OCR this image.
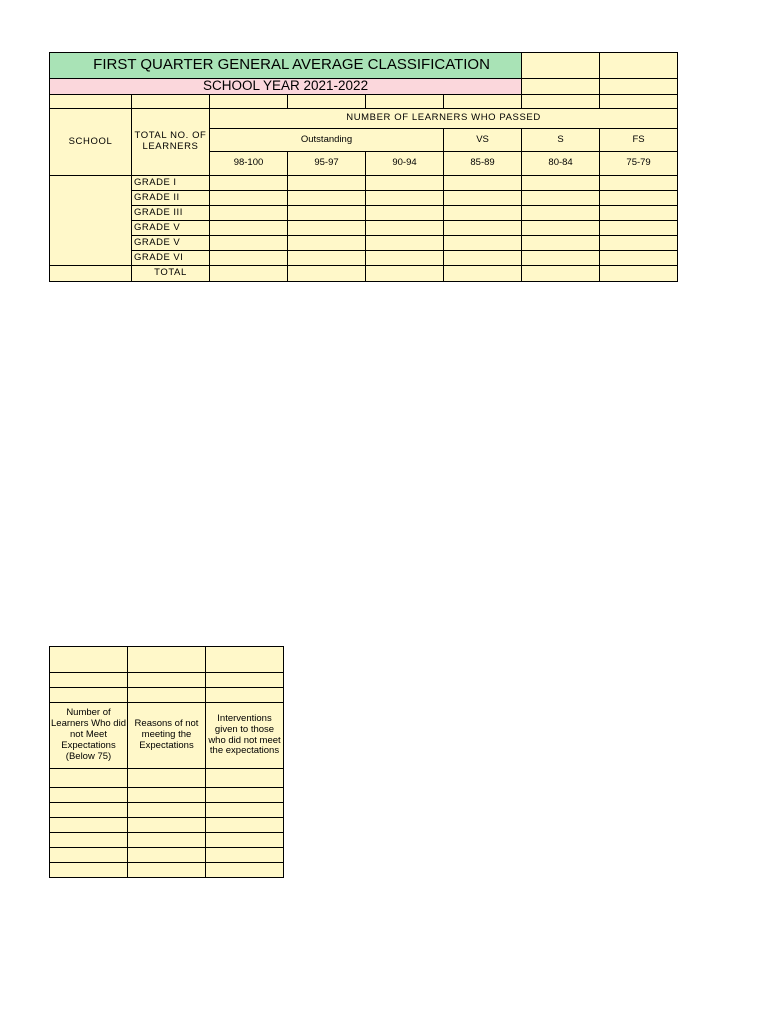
FIRST QUARTER GENERAL AVERAGE CLASSIFICATION							
SCHOOL YEAR 2021-2022							

SCHOOL	TOTAL NO. OF LEARNERS	NUMBER OF LEARNERS WHO PASSED					
		Outstanding			VS	S	FS
		98-100	95-97	90-94	85-89	80-84	75-79
	GRADE I						
	GRADE II						
	GRADE III						
	GRADE V						
	GRADE V						
	GRADE VI						
	TOTAL						

Number of Learners Who did not Meet Expectations (Below 75)	Reasons of not meeting the Expectations	Interventions given to those who did not meet the expectations
